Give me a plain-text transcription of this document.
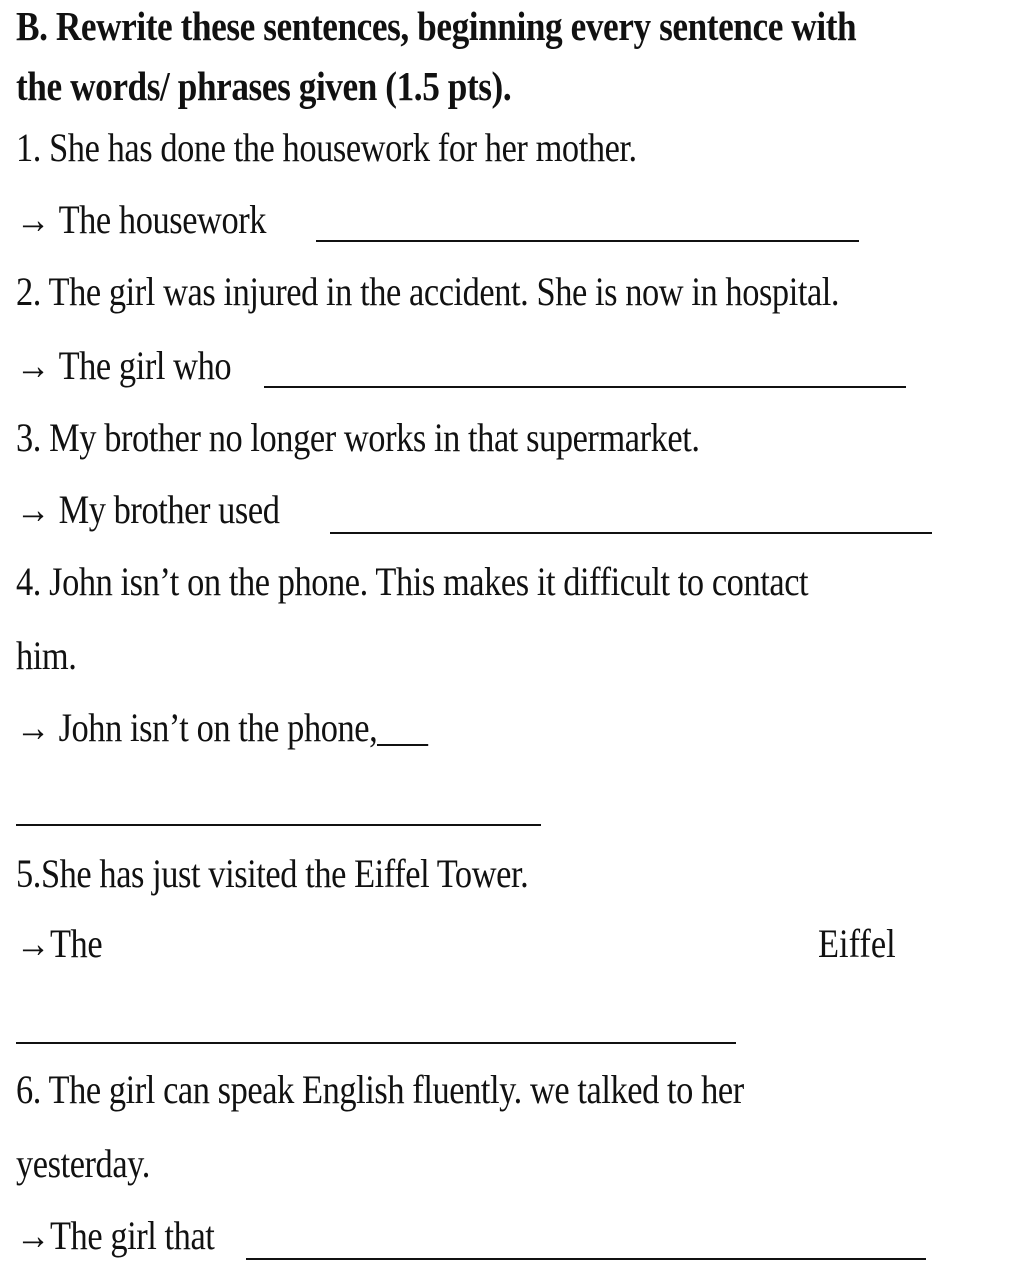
B. Rewrite these sentences, beginning every sentence with
the words/ phrases given (1.5 pts).
1. She has done the housework for her mother.
→ The housework
2. The girl was injured in the accident. She is now in hospital.
→ The girl who
3. My brother no longer works in that supermarket.
→ My brother used
4. John isn’t on the phone. This makes it difficult to contact
him.
→ John isn’t on the phone,___
5.She has just visited the Eiffel Tower.
→The	Eiffel
6. The girl can speak English fluently. we talked to her
yesterday.
→The girl that
